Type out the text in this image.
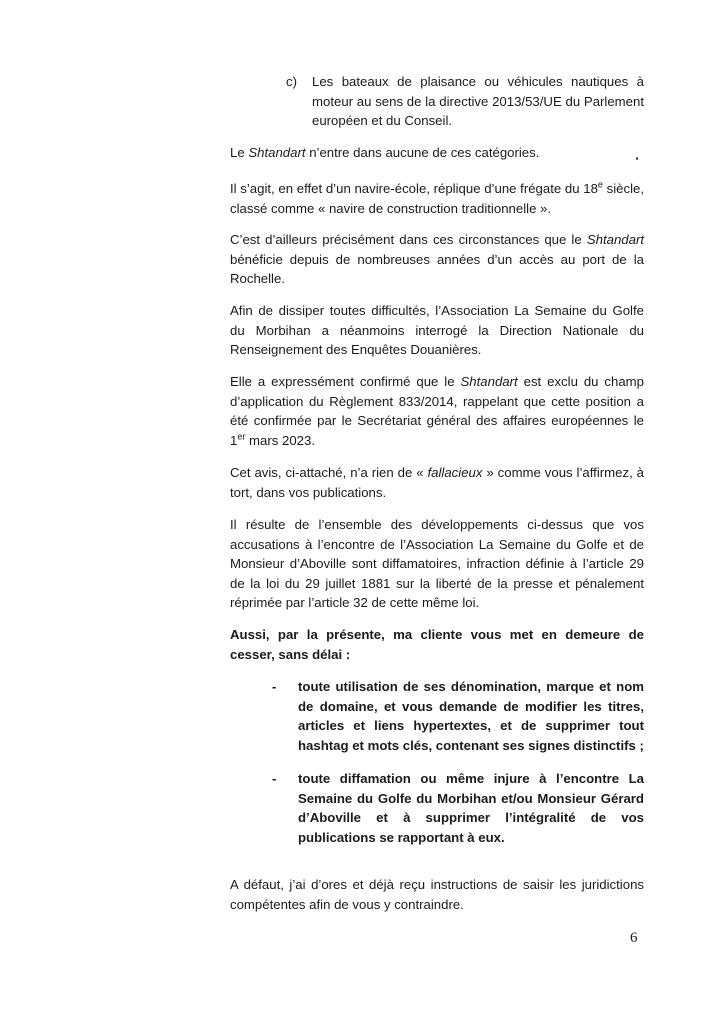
c) Les bateaux de plaisance ou véhicules nautiques à moteur au sens de la directive 2013/53/UE du Parlement européen et du Conseil.

Le Shtandart n’entre dans aucune de ces catégories.

Il s’agit, en effet d’un navire-école, réplique d’une frégate du 18e siècle, classé comme « navire de construction traditionnelle ».

C’est d’ailleurs précisément dans ces circonstances que le Shtandart bénéficie depuis de nombreuses années d’un accès au port de la Rochelle.

Afin de dissiper toutes difficultés, l’Association La Semaine du Golfe du Morbihan a néanmoins interrogé la Direction Nationale du Renseignement des Enquêtes Douanières.

Elle a expressément confirmé que le Shtandart est exclu du champ d’application du Règlement 833/2014, rappelant que cette position a été confirmée par le Secrétariat général des affaires européennes le 1er mars 2023.

Cet avis, ci-attaché, n’a rien de « fallacieux » comme vous l’affirmez, à tort, dans vos publications.

Il résulte de l’ensemble des développements ci-dessus que vos accusations à l’encontre de l’Association La Semaine du Golfe et de Monsieur d’Aboville sont diffamatoires, infraction définie à l’article 29 de la loi du 29 juillet 1881 sur la liberté de la presse et pénalement réprimée par l’article 32 de cette même loi.

Aussi, par la présente, ma cliente vous met en demeure de cesser, sans délai :

- toute utilisation de ses dénomination, marque et nom de domaine, et vous demande de modifier les titres, articles et liens hypertextes, et de supprimer tout hashtag et mots clés, contenant ses signes distinctifs ;
- toute diffamation ou même injure à l’encontre La Semaine du Golfe du Morbihan et/ou Monsieur Gérard d’Aboville et à supprimer l’intégralité de vos publications se rapportant à eux.

A défaut, j’ai d’ores et déjà reçu instructions de saisir les juridictions compétentes afin de vous y contraindre.

6
